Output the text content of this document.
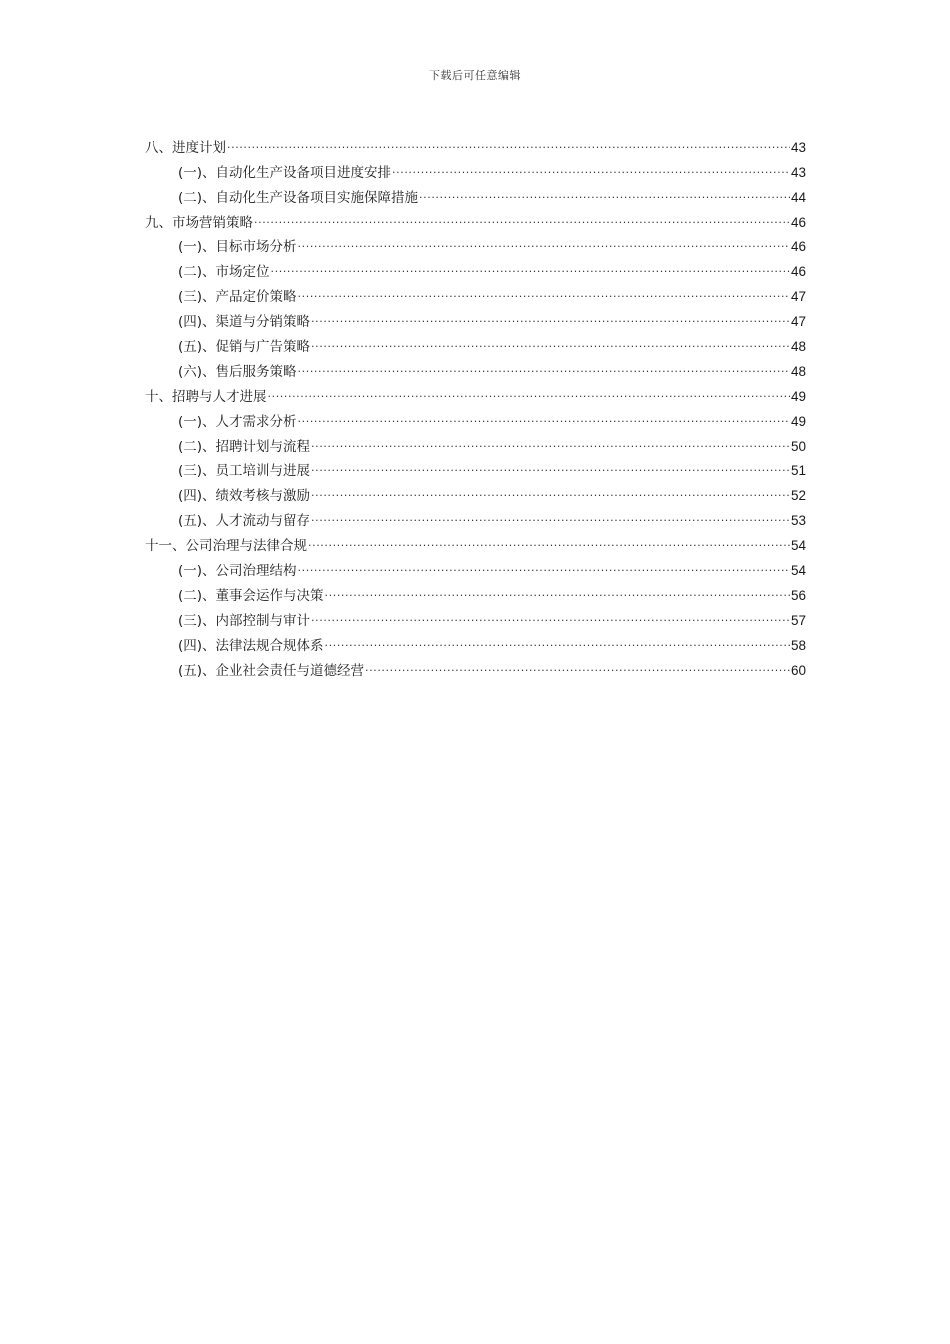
下载后可任意编辑
八、进度计划 .....	43
(一)、自动化生产设备项目进度安排 .....	43
(二)、自动化生产设备项目实施保障措施 .....	44
九、市场营销策略 .....	46
(一)、目标市场分析 .....	46
(二)、市场定位 .....	46
(三)、产品定价策略 .....	47
(四)、渠道与分销策略 .....	47
(五)、促销与广告策略 .....	48
(六)、售后服务策略 .....	48
十、招聘与人才进展 .....	49
(一)、人才需求分析 .....	49
(二)、招聘计划与流程 .....	50
(三)、员工培训与进展 .....	51
(四)、绩效考核与激励 .....	52
(五)、人才流动与留存 .....	53
十一、公司治理与法律合规 .....	54
(一)、公司治理结构 .....	54
(二)、董事会运作与决策 .....	56
(三)、内部控制与审计 .....	57
(四)、法律法规合规体系 .....	58
(五)、企业社会责任与道德经营 .....	60
